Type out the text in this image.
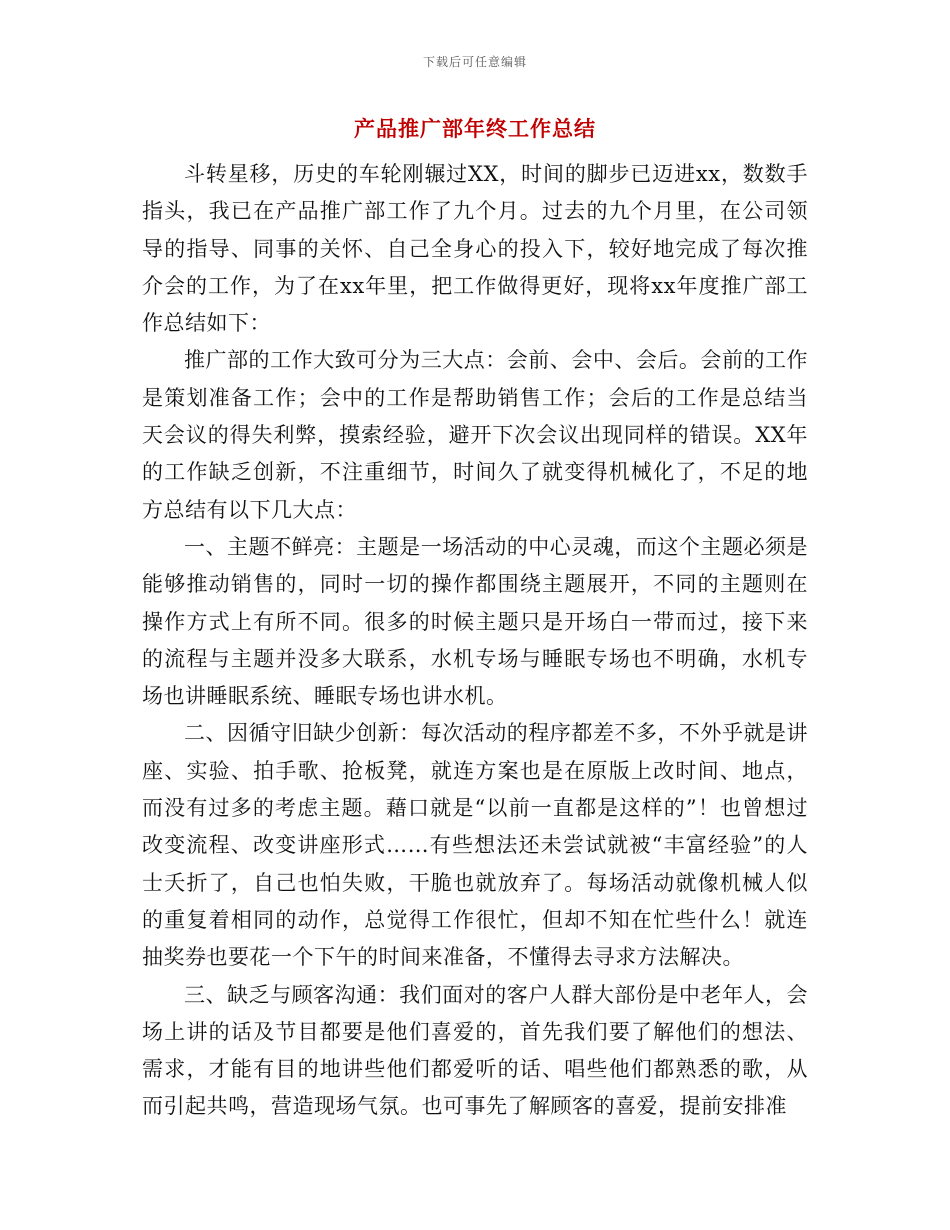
下载后可任意编辑
产品推广部年终工作总结

斗转星移，历史的车轮刚辗过XX，时间的脚步已迈进xx，数数手指头，我已在产品推广部工作了九个月。过去的九个月里，在公司领导的指导、同事的关怀、自己全身心的投入下，较好地完成了每次推介会的工作，为了在xx年里，把工作做得更好，现将xx年度推广部工作总结如下：

推广部的工作大致可分为三大点：会前、会中、会后。会前的工作是策划准备工作；会中的工作是帮助销售工作；会后的工作是总结当天会议的得失利弊，摸索经验，避开下次会议出现同样的错误。XX年的工作缺乏创新，不注重细节，时间久了就变得机械化了，不足的地方总结有以下几大点：

一、主题不鲜亮：主题是一场活动的中心灵魂，而这个主题必须是能够推动销售的，同时一切的操作都围绕主题展开，不同的主题则在操作方式上有所不同。很多的时候主题只是开场白一带而过，接下来的流程与主题并没多大联系，水机专场与睡眠专场也不明确，水机专场也讲睡眠系统、睡眠专场也讲水机。

二、因循守旧缺少创新：每次活动的程序都差不多，不外乎就是讲座、实验、拍手歌、抢板凳，就连方案也是在原版上改时间、地点，而没有过多的考虑主题。藉口就是“以前一直都是这样的”！也曾想过改变流程、改变讲座形式……有些想法还未尝试就被“丰富经验”的人士夭折了，自己也怕失败，干脆也就放弃了。每场活动就像机械人似的重复着相同的动作，总觉得工作很忙，但却不知在忙些什么！就连抽奖券也要花一个下午的时间来准备，不懂得去寻求方法解决。

三、缺乏与顾客沟通：我们面对的客户人群大部份是中老年人，会场上讲的话及节目都要是他们喜爱的，首先我们要了解他们的想法、需求，才能有目的地讲些他们都爱听的话、唱些他们都熟悉的歌，从而引起共鸣，营造现场气氛。也可事先了解顾客的喜爱，提前安排准
